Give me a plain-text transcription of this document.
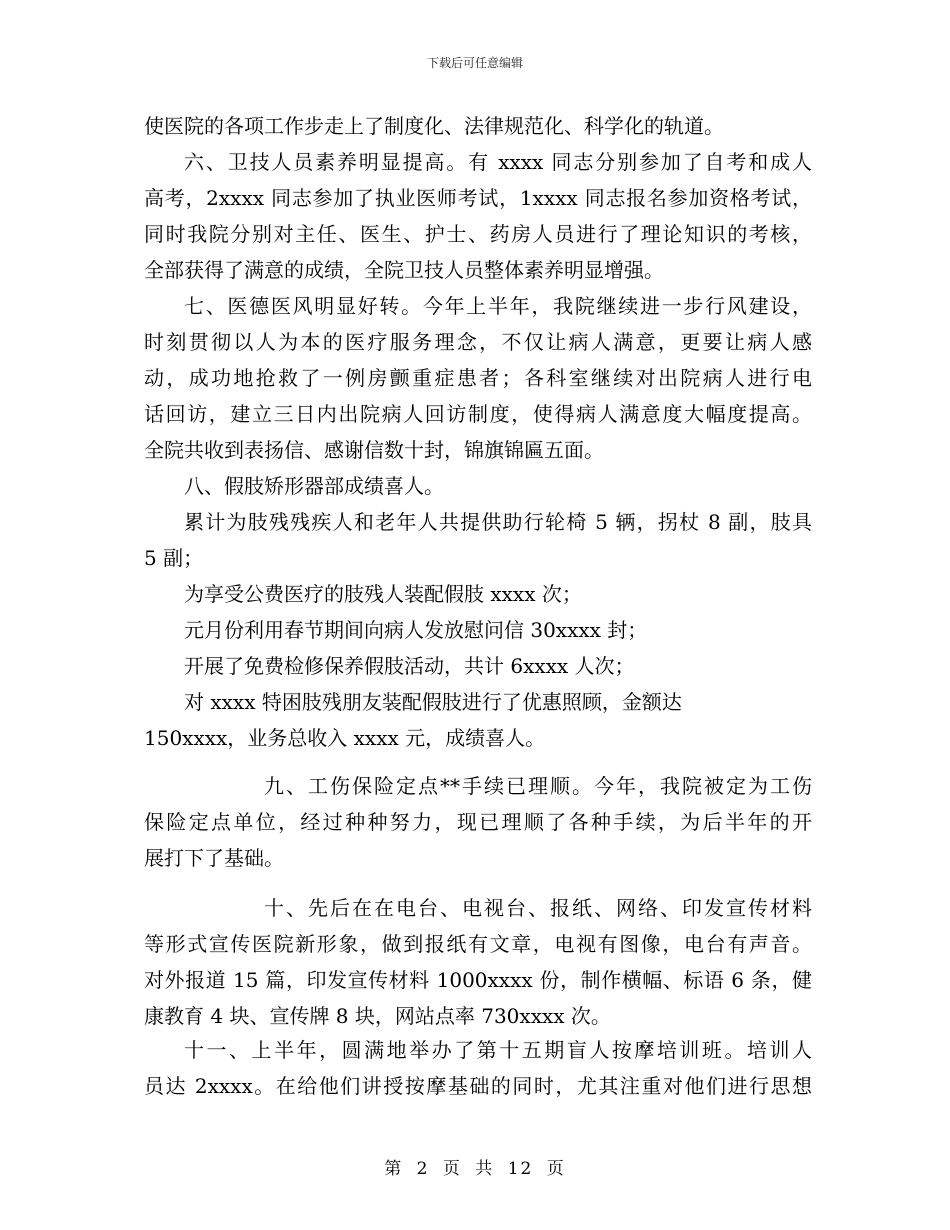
下载后可任意编辑
使医院的各项工作步走上了制度化、法律规范化、科学化的轨道。
六、卫技人员素养明显提高。有 xxxx 同志分别参加了自考和成人
高考，2xxxx 同志参加了执业医师考试，1xxxx 同志报名参加资格考试，
同时我院分别对主任、医生、护士、药房人员进行了理论知识的考核，
全部获得了满意的成绩，全院卫技人员整体素养明显增强。
七、医德医风明显好转。今年上半年，我院继续进一步行风建设，
时刻贯彻以人为本的医疗服务理念，不仅让病人满意，更要让病人感
动，成功地抢救了一例房颤重症患者；各科室继续对出院病人进行电
话回访，建立三日内出院病人回访制度，使得病人满意度大幅度提高。
全院共收到表扬信、感谢信数十封，锦旗锦匾五面。
八、假肢矫形器部成绩喜人。
累计为肢残残疾人和老年人共提供助行轮椅 5 辆，拐杖 8 副，肢具
5 副；
为享受公费医疗的肢残人装配假肢 xxxx 次；
元月份利用春节期间向病人发放慰问信 30xxxx 封；
开展了免费检修保养假肢活动，共计 6xxxx 人次；
对 xxxx 特困肢残朋友装配假肢进行了优惠照顾，金额达
150xxxx，业务总收入 xxxx 元，成绩喜人。
九、工伤保险定点**手续已理顺。今年，我院被定为工伤
保险定点单位，经过种种努力，现已理顺了各种手续，为后半年的开
展打下了基础。
十、先后在在电台、电视台、报纸、网络、印发宣传材料
等形式宣传医院新形象，做到报纸有文章，电视有图像，电台有声音。
对外报道 15 篇，印发宣传材料 1000xxxx 份，制作横幅、标语 6 条，健
康教育 4 块、宣传牌 8 块，网站点率 730xxxx 次。
十一、上半年，圆满地举办了第十五期盲人按摩培训班。培训人
员达 2xxxx。在给他们讲授按摩基础的同时，尤其注重对他们进行思想
第 2 页 共 12 页
